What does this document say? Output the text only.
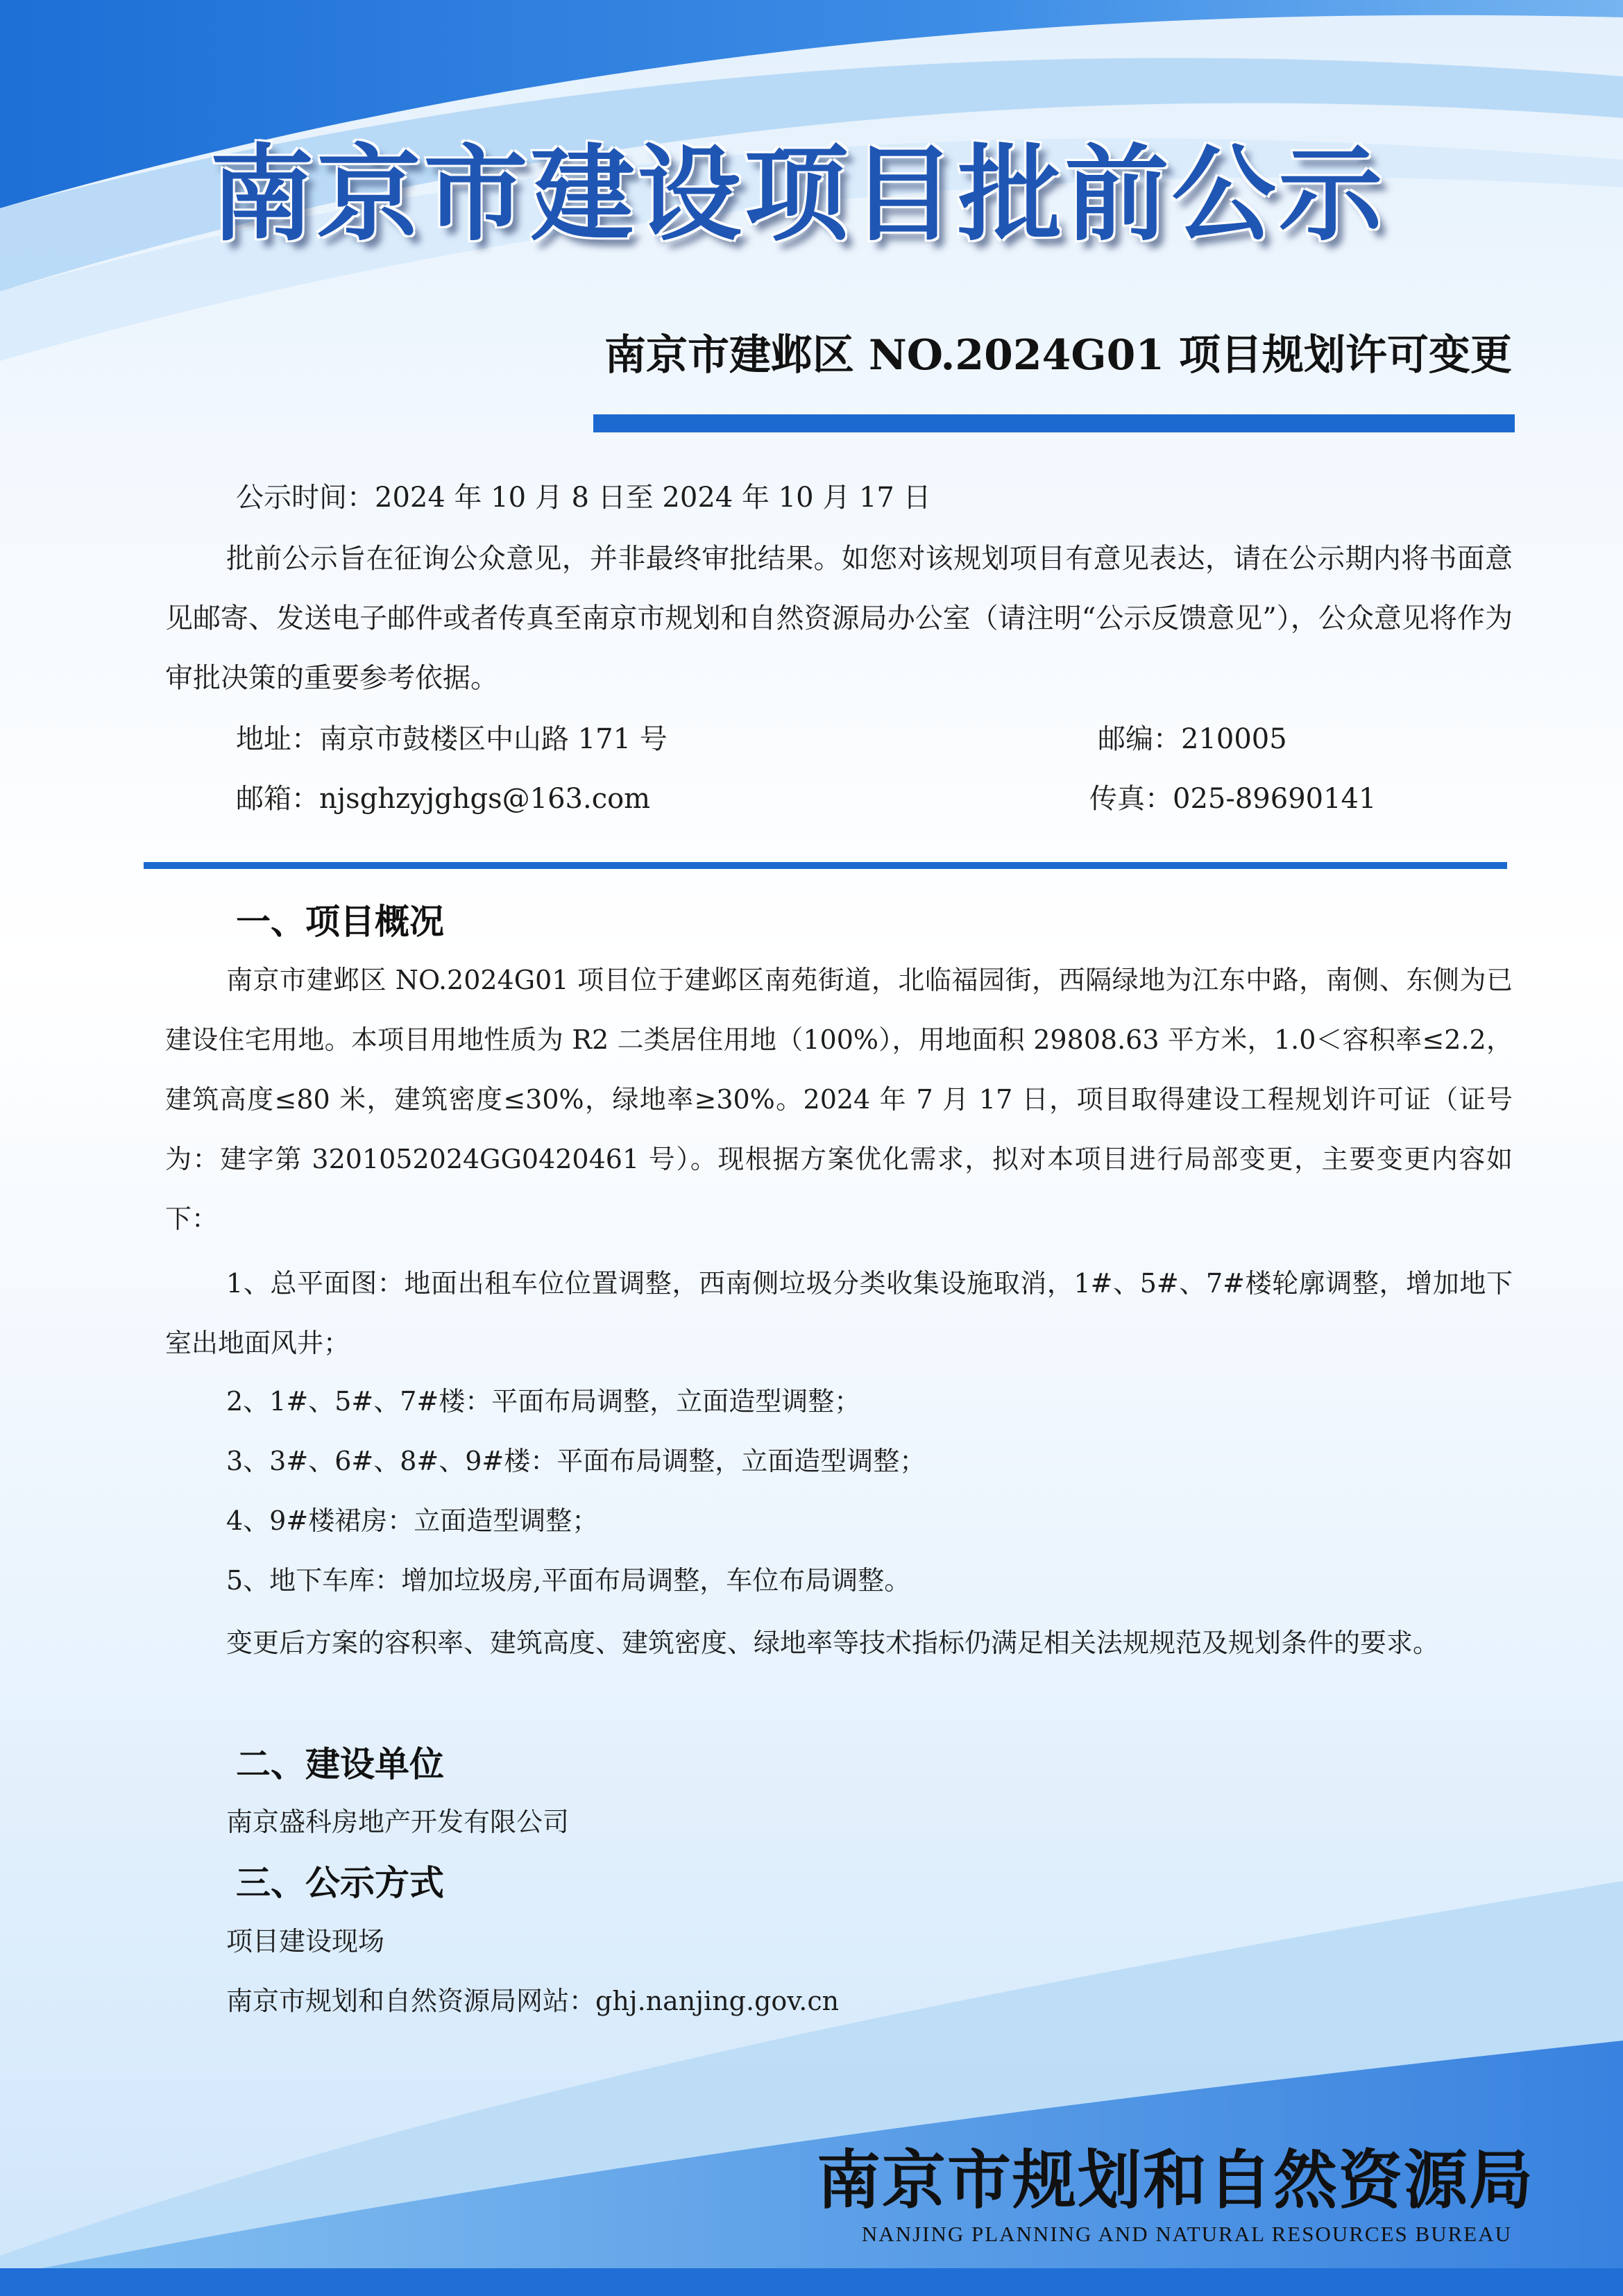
南京市建设项目批前公示
南京市建邺区 NO.2024G01 项目规划许可变更
公示时间：2024 年 10 月 8 日至 2024 年 10 月 17 日
批前公示旨在征询公众意见，并非最终审批结果。如您对该规划项目有意见表达，请在公示期内将书面意见邮寄、发送电子邮件或者传真至南京市规划和自然资源局办公室（请注明“公示反馈意见”），公众意见将作为审批决策的重要参考依据。
地址：南京市鼓楼区中山路 171 号	邮编：210005
邮箱：njsghzyjghgs@163.com	传真：025-89690141
一、项目概况
南京市建邺区 NO.2024G01 项目位于建邺区南苑街道，北临福园街，西隔绿地为江东中路，南侧、东侧为已建设住宅用地。本项目用地性质为 R2 二类居住用地（100%），用地面积 29808.63 平方米，1.0＜容积率≤2.2，建筑高度≤80 米，建筑密度≤30%，绿地率≥30%。2024 年 7 月 17 日，项目取得建设工程规划许可证（证号为：建字第 3201052024GG0420461 号）。现根据方案优化需求，拟对本项目进行局部变更，主要变更内容如下：
1、总平面图：地面出租车位位置调整，西南侧垃圾分类收集设施取消，1#、5#、7#楼轮廓调整，增加地下室出地面风井；
2、1#、5#、7#楼：平面布局调整，立面造型调整；
3、3#、6#、8#、9#楼：平面布局调整，立面造型调整；
4、9#楼裙房：立面造型调整；
5、地下车库：增加垃圾房,平面布局调整，车位布局调整。
变更后方案的容积率、建筑高度、建筑密度、绿地率等技术指标仍满足相关法规规范及规划条件的要求。
二、建设单位
南京盛科房地产开发有限公司
三、公示方式
项目建设现场
南京市规划和自然资源局网站：ghj.nanjing.gov.cn
南京市规划和自然资源局
NANJING PLANNING AND NATURAL RESOURCES BUREAU
